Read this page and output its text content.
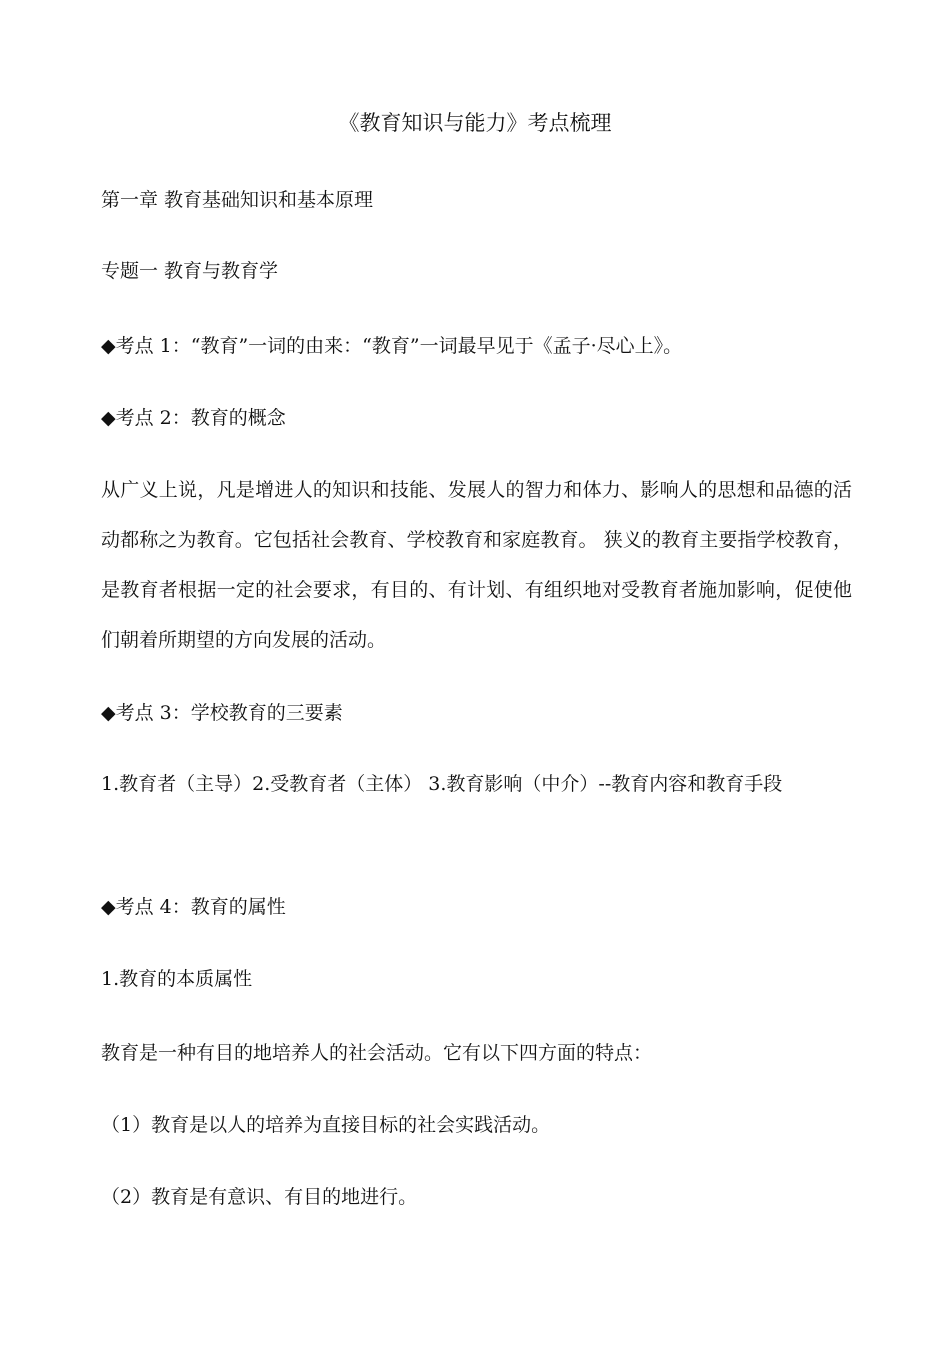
《教育知识与能力》考点梳理
第一章 教育基础知识和基本原理
专题一 教育与教育学
◆考点 1：“教育”一词的由来：“教育”一词最早见于《孟子·尽心上》。
◆考点 2：教育的概念
从广义上说，凡是增进人的知识和技能、发展人的智力和体力、影响人的思想和品德的活动都称之为教育。它包括社会教育、学校教育和家庭教育。 狭义的教育主要指学校教育，是教育者根据一定的社会要求，有目的、有计划、有组织地对受教育者施加影响，促使他们朝着所期望的方向发展的活动。
◆考点 3：学校教育的三要素
1.教育者（主导）2.受教育者（主体） 3.教育影响（中介）--教育内容和教育手段
◆考点 4：教育的属性
1.教育的本质属性
教育是一种有目的地培养人的社会活动。它有以下四方面的特点：
（1）教育是以人的培养为直接目标的社会实践活动。
（2）教育是有意识、有目的地进行。
